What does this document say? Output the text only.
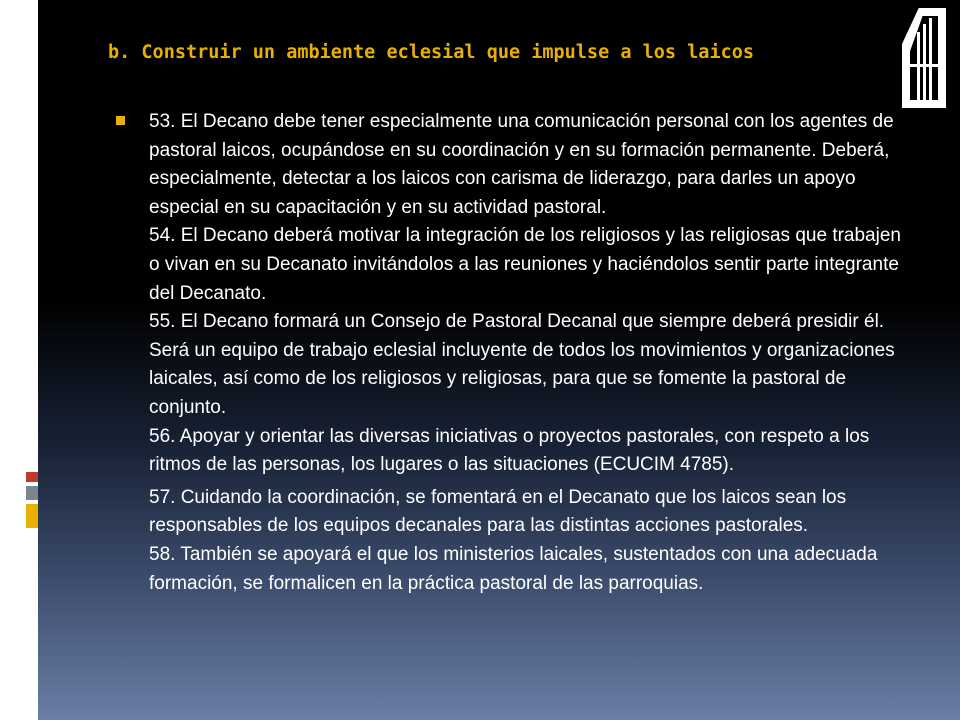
b. Construir un ambiente eclesial que impulse a los laicos

53. El Decano debe tener especialmente una comunicación personal con los agentes de pastoral laicos, ocupándose en su coordinación y en su formación permanente. Deberá, especialmente, detectar a los laicos con carisma de liderazgo, para darles un apoyo especial en su capacitación y en su actividad pastoral.

54. El Decano deberá motivar la integración de los religiosos y las religiosas que trabajen o vivan en su Decanato invitándolos a las reuniones y haciéndolos sentir parte integrante del Decanato.

55. El Decano formará un Consejo de Pastoral Decanal que siempre deberá presidir él. Será un equipo de trabajo eclesial incluyente de todos los movimientos y organizaciones laicales, así como de los religiosos y religiosas, para que se fomente la pastoral de conjunto.

56. Apoyar y orientar las diversas iniciativas o proyectos pastorales, con respeto a los ritmos de las personas, los lugares o las situaciones (ECUCIM 4785).

57. Cuidando la coordinación, se fomentará en el Decanato que los laicos sean los responsables de los equipos decanales para las distintas acciones pastorales.

58. También se apoyará el que los ministerios laicales, sustentados con una adecuada formación, se formalicen en la práctica pastoral de las parroquias.
